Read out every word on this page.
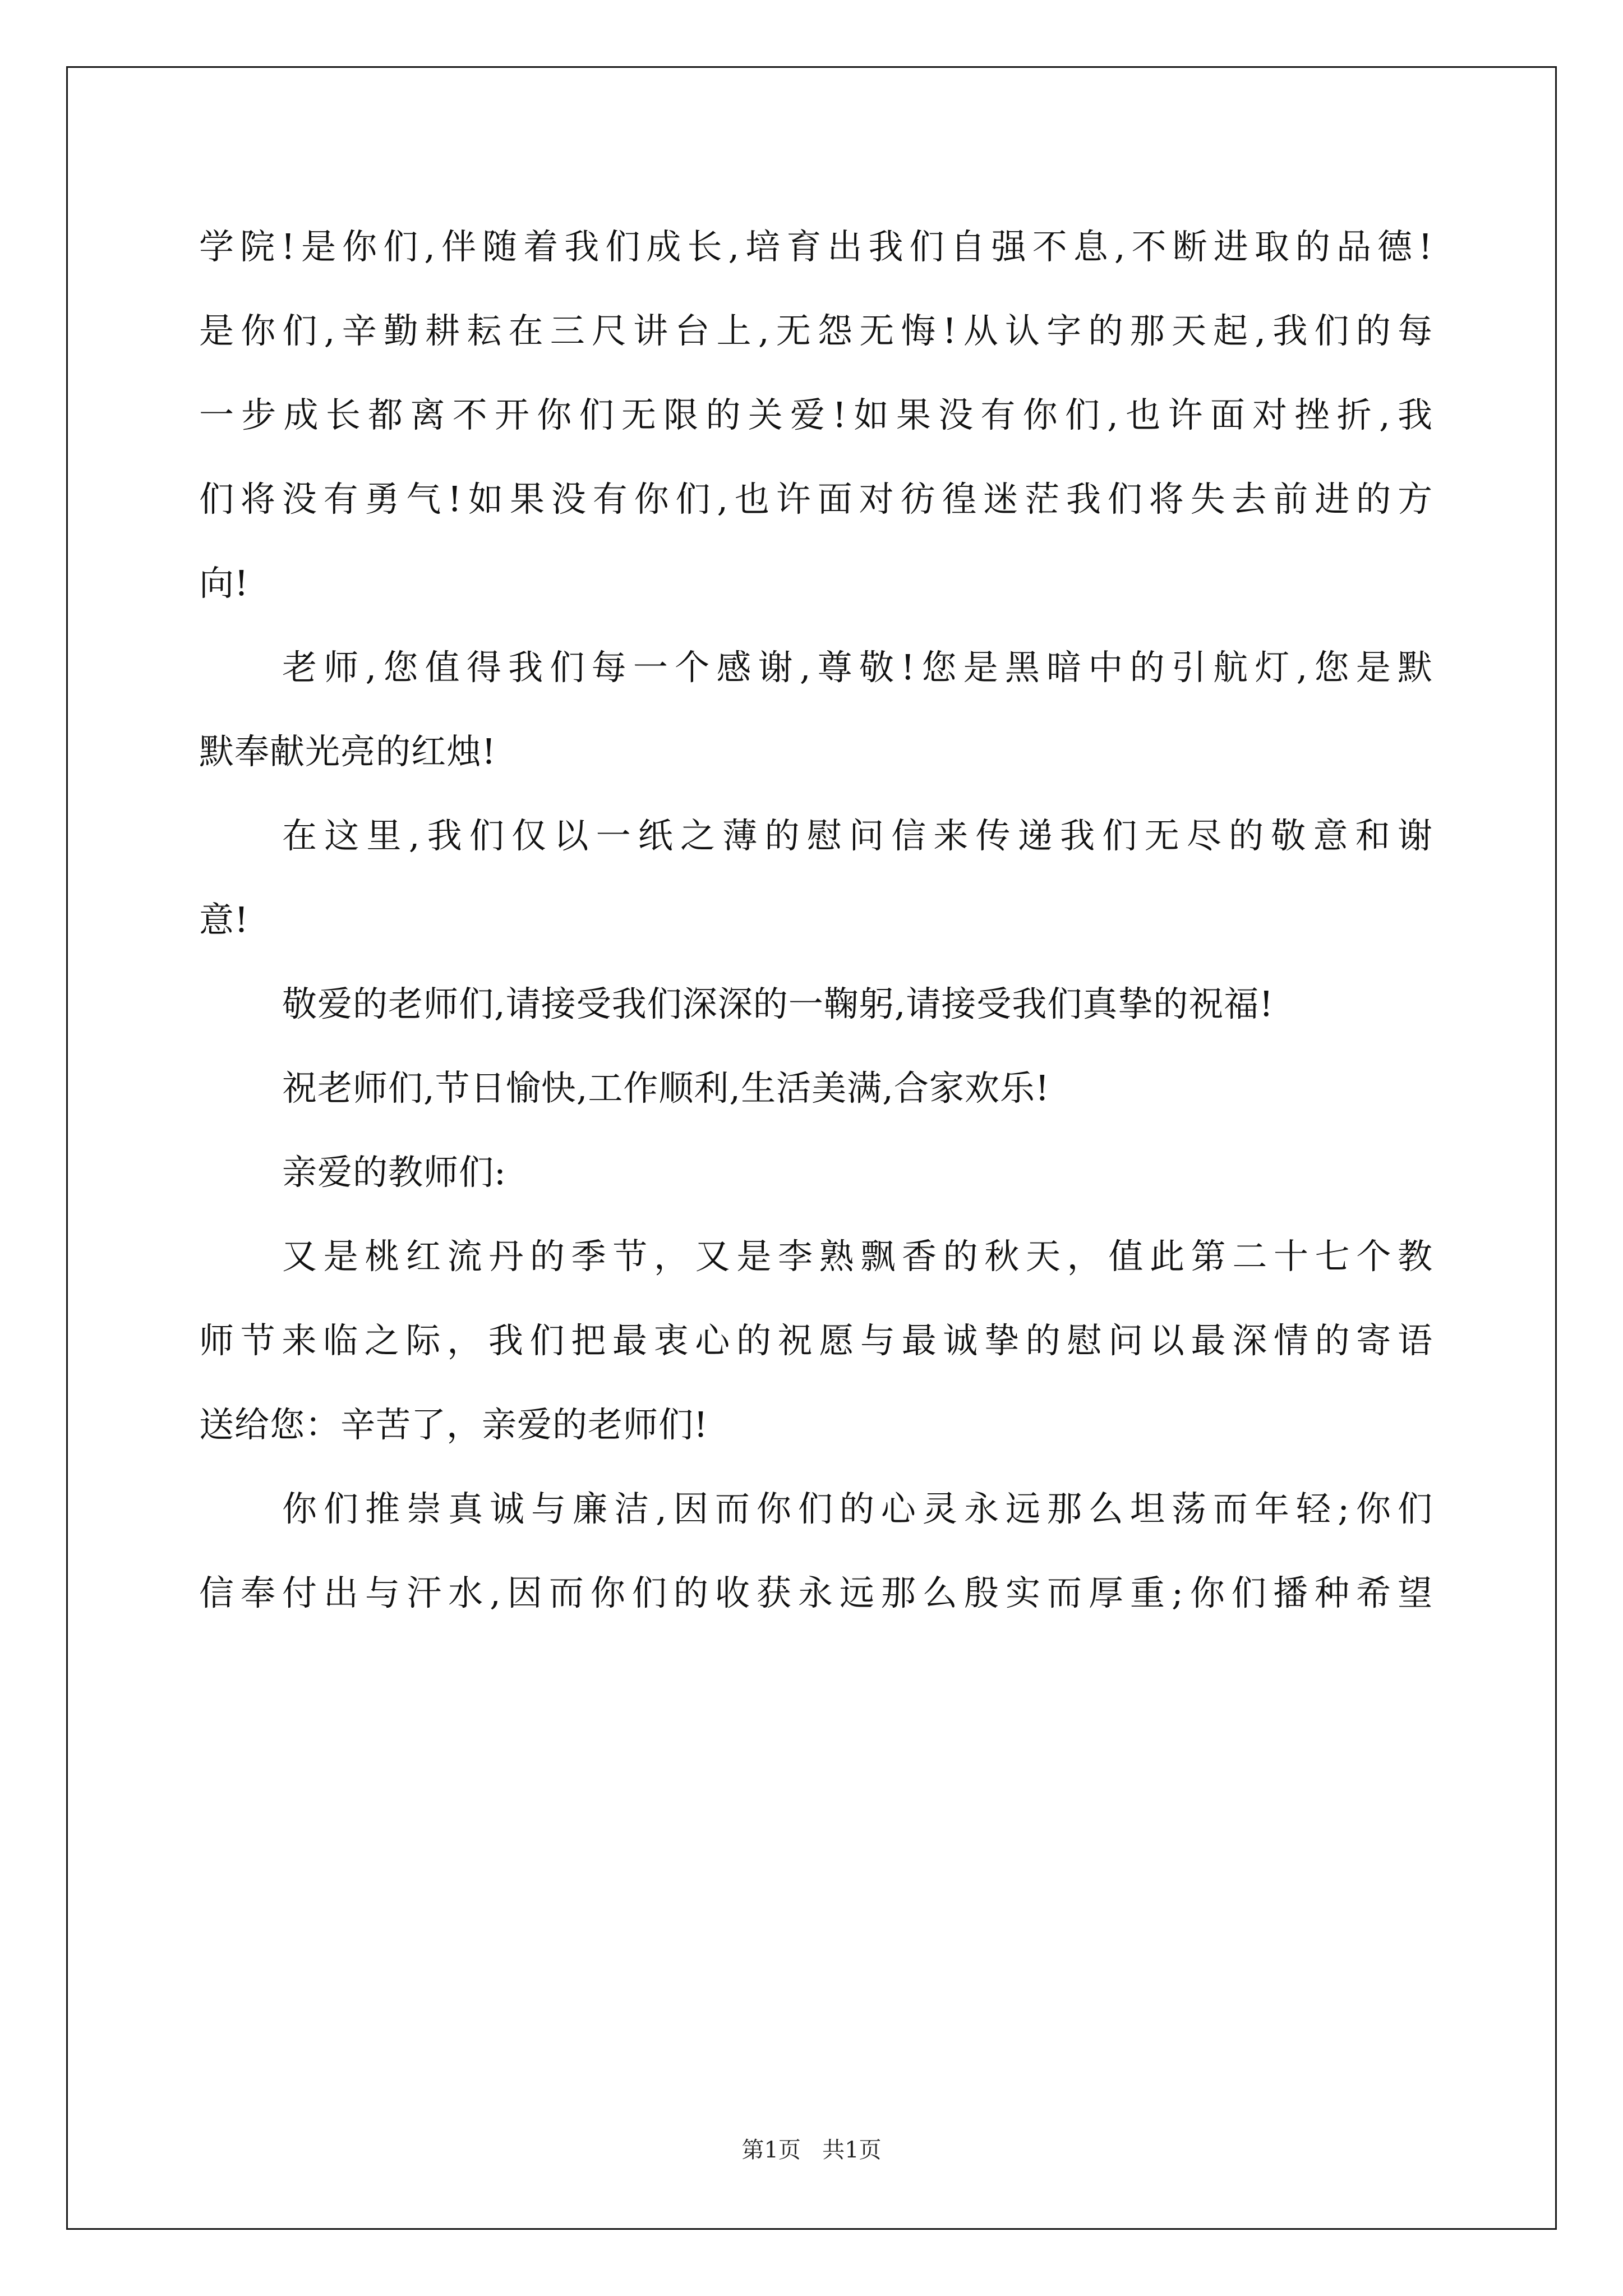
学院!是你们,伴随着我们成长,培育出我们自强不息,不断进取的品德!

是你们,辛勤耕耘在三尺讲台上,无怨无悔!从认字的那天起,我们的每

一步成长都离不开你们无限的关爱!如果没有你们,也许面对挫折,我

们将没有勇气!如果没有你们,也许面对彷徨迷茫我们将失去前进的方

向!

老师,您值得我们每一个感谢,尊敬!您是黑暗中的引航灯,您是默

默奉献光亮的红烛!

在这里,我们仅以一纸之薄的慰问信来传递我们无尽的敬意和谢

意!

敬爱的老师们,请接受我们深深的一鞠躬,请接受我们真挚的祝福!

祝老师们,节日愉快,工作顺利,生活美满,合家欢乐!

亲爱的教师们:

又是桃红流丹的季节，又是李熟飘香的秋天，值此第二十七个教

师节来临之际，我们把最衷心的祝愿与最诚挚的慰问以最深情的寄语

送给您：辛苦了，亲爱的老师们!

你们推崇真诚与廉洁,因而你们的心灵永远那么坦荡而年轻;你们

信奉付出与汗水,因而你们的收获永远那么殷实而厚重;你们播种希望

第1页 共1页
